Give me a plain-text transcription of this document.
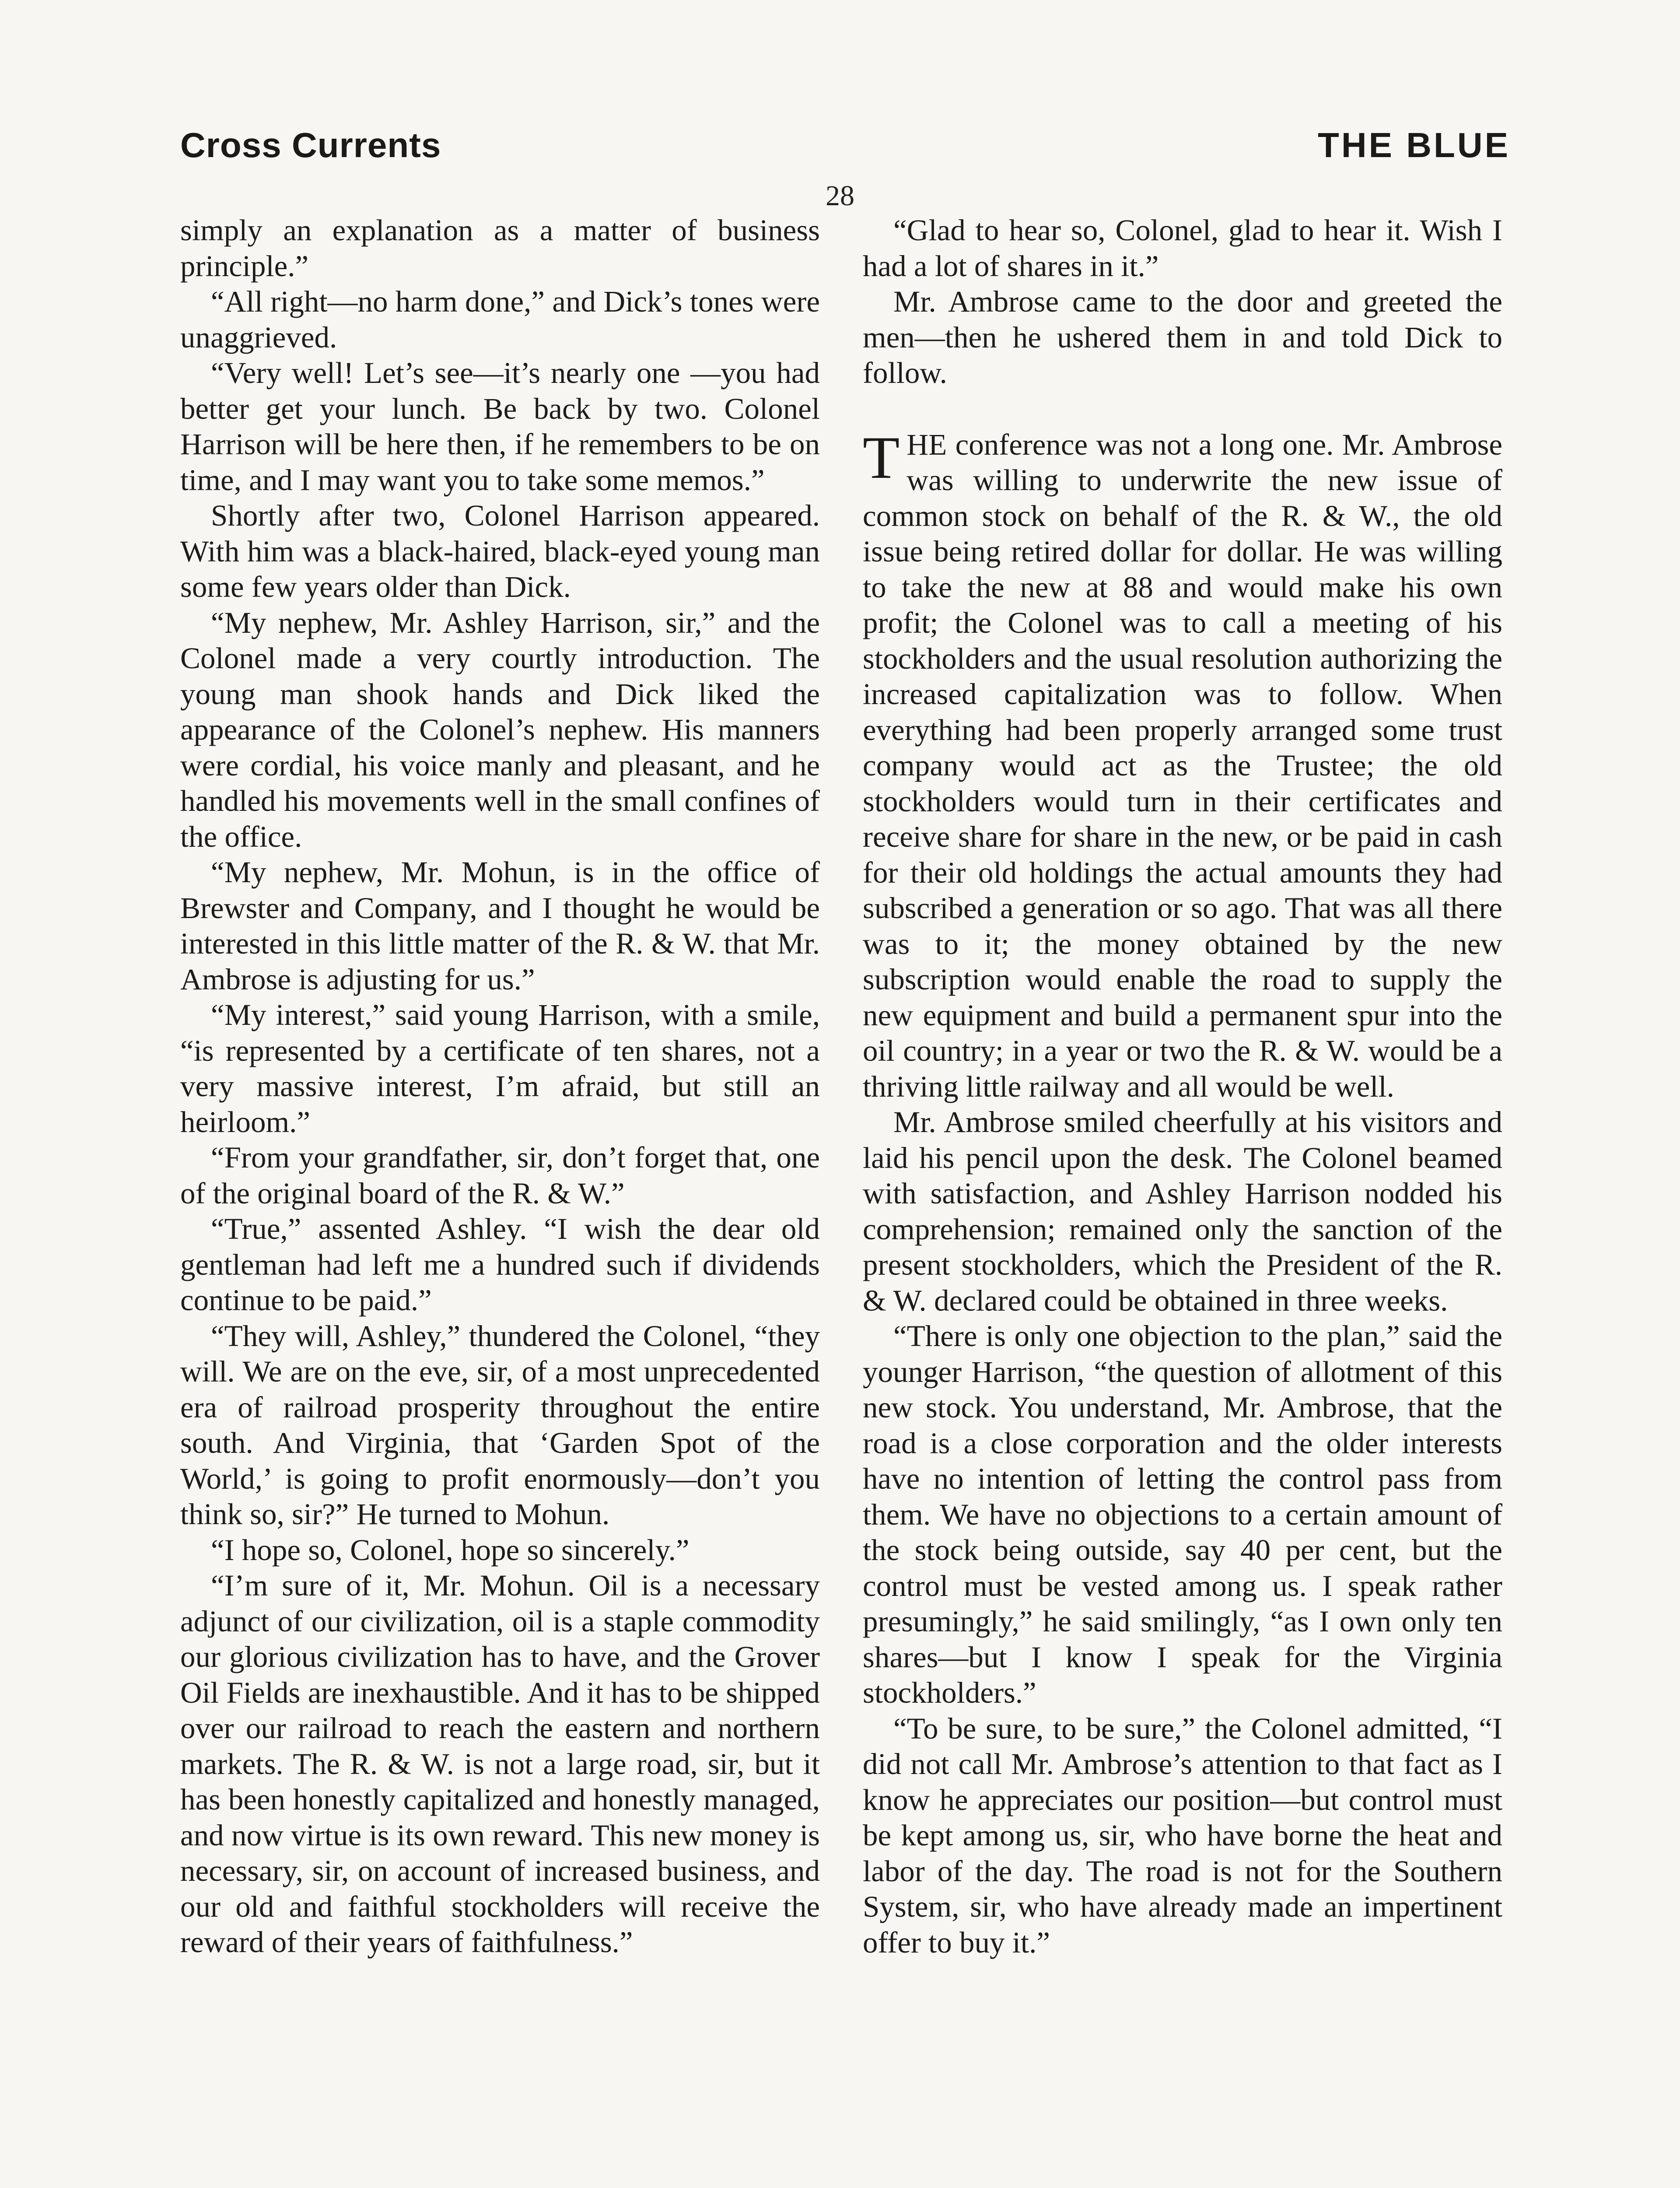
Cross Currents	THE BLUE
28

simply an explanation as a matter of business principle.”

“All right—no harm done,” and Dick’s tones were unaggrieved.

“Very well! Let’s see—it’s nearly one —you had better get your lunch. Be back by two. Colonel Harrison will be here then, if he remembers to be on time, and I may want you to take some memos.”

Shortly after two, Colonel Harrison appeared. With him was a black-haired, black-eyed young man some few years older than Dick.

“My nephew, Mr. Ashley Harrison, sir,” and the Colonel made a very courtly introduction. The young man shook hands and Dick liked the appearance of the Colonel’s nephew. His manners were cordial, his voice manly and pleasant, and he handled his movements well in the small confines of the office.

“My nephew, Mr. Mohun, is in the office of Brewster and Company, and I thought he would be interested in this little matter of the R. & W. that Mr. Ambrose is adjusting for us.”

“My interest,” said young Harrison, with a smile, “is represented by a certificate of ten shares, not a very massive interest, I’m afraid, but still an heirloom.”

“From your grandfather, sir, don’t forget that, one of the original board of the R. & W.”

“True,” assented Ashley. “I wish the dear old gentleman had left me a hundred such if dividends continue to be paid.”

“They will, Ashley,” thundered the Colonel, “they will. We are on the eve, sir, of a most unprecedented era of railroad prosperity throughout the entire south. And Virginia, that ‘Garden Spot of the World,’ is going to profit enormously—don’t you think so, sir?” He turned to Mohun.

“I hope so, Colonel, hope so sincerely.”

“I’m sure of it, Mr. Mohun. Oil is a necessary adjunct of our civilization, oil is a staple commodity our glorious civilization has to have, and the Grover Oil Fields are inexhaustible. And it has to be shipped over our railroad to reach the eastern and northern markets. The R. & W. is not a large road, sir, but it has been honestly capitalized and honestly managed, and now virtue is its own reward. This new money is necessary, sir, on account of increased business, and our old and faithful stockholders will receive the reward of their years of faithfulness.”

“Glad to hear so, Colonel, glad to hear it. Wish I had a lot of shares in it.”

Mr. Ambrose came to the door and greeted the men—then he ushered them in and told Dick to follow.

THE conference was not a long one. Mr. Ambrose was willing to underwrite the new issue of common stock on behalf of the R. & W., the old issue being retired dollar for dollar. He was willing to take the new at 88 and would make his own profit; the Colonel was to call a meeting of his stockholders and the usual resolution authorizing the increased capitalization was to follow. When everything had been properly arranged some trust company would act as the Trustee; the old stockholders would turn in their certificates and receive share for share in the new, or be paid in cash for their old holdings the actual amounts they had subscribed a generation or so ago. That was all there was to it; the money obtained by the new subscription would enable the road to supply the new equipment and build a permanent spur into the oil country; in a year or two the R. & W. would be a thriving little railway and all would be well.

Mr. Ambrose smiled cheerfully at his visitors and laid his pencil upon the desk. The Colonel beamed with satisfaction, and Ashley Harrison nodded his comprehension; remained only the sanction of the present stockholders, which the President of the R. & W. declared could be obtained in three weeks.

“There is only one objection to the plan,” said the younger Harrison, “the question of allotment of this new stock. You understand, Mr. Ambrose, that the road is a close corporation and the older interests have no intention of letting the control pass from them. We have no objections to a certain amount of the stock being outside, say 40 per cent, but the control must be vested among us. I speak rather presumingly,” he said smilingly, “as I own only ten shares—but I know I speak for the Virginia stockholders.”

“To be sure, to be sure,” the Colonel admitted, “I did not call Mr. Ambrose’s attention to that fact as I know he appreciates our position—but control must be kept among us, sir, who have borne the heat and labor of the day. The road is not for the Southern System, sir, who have already made an impertinent offer to buy it.”
